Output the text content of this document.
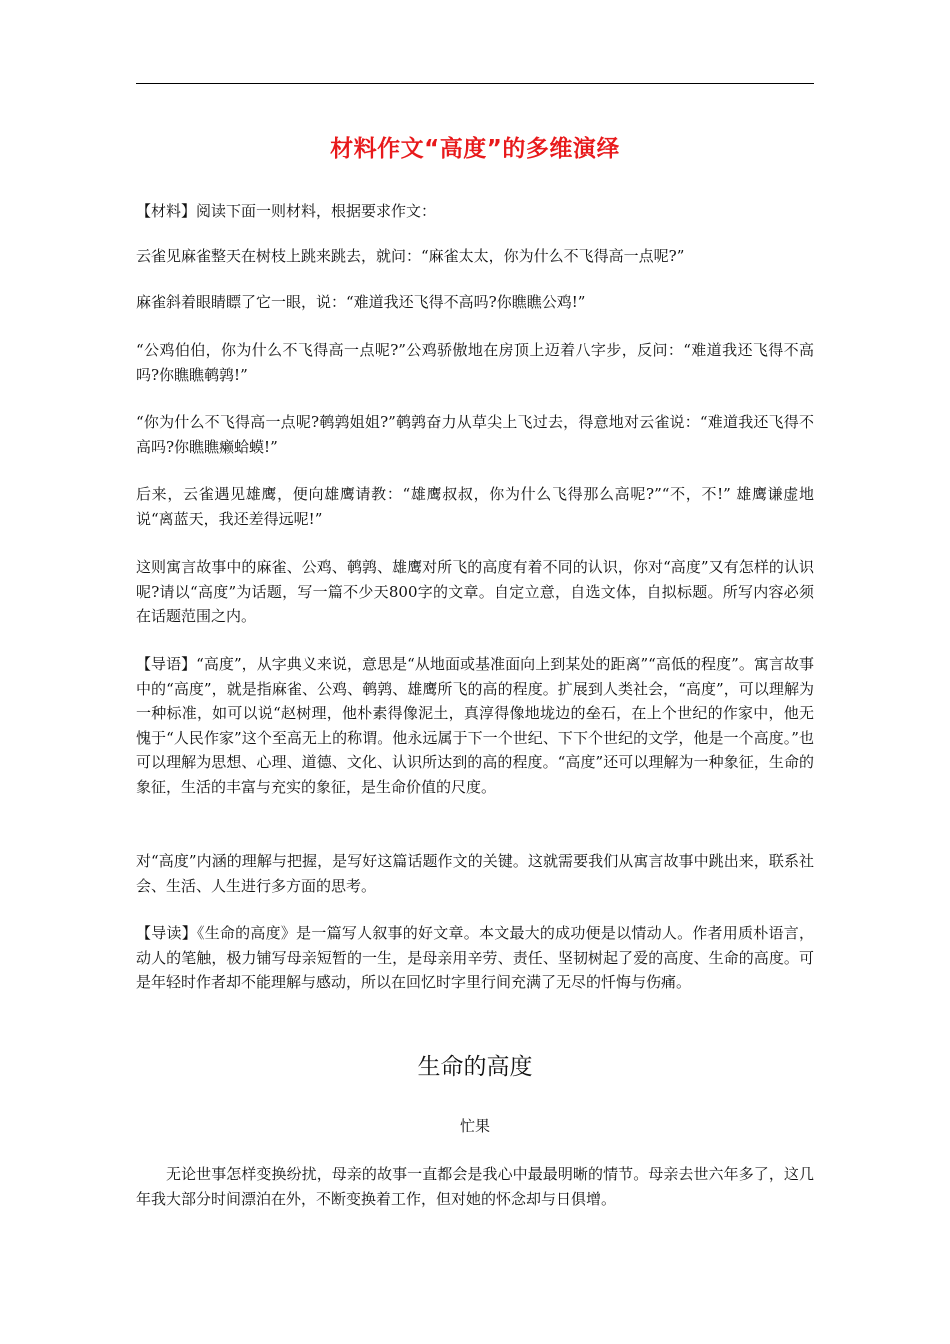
材料作文“高度”的多维演绎

【材料】阅读下面一则材料，根据要求作文：

云雀见麻雀整天在树枝上跳来跳去，就问：“麻雀太太，你为什么不飞得高一点呢?”

麻雀斜着眼睛瞟了它一眼，说：“难道我还飞得不高吗?你瞧瞧公鸡!”

“公鸡伯伯，你为什么不飞得高一点呢?”公鸡骄傲地在房顶上迈着八字步，反问：“难道我还飞得不高吗?你瞧瞧鹌鹑!”

“你为什么不飞得高一点呢?鹌鹑姐姐?”鹌鹑奋力从草尖上飞过去，得意地对云雀说：“难道我还飞得不高吗?你瞧瞧癞蛤蟆!”

后来，云雀遇见雄鹰，便向雄鹰请教：“雄鹰叔叔，你为什么飞得那么高呢?”“不，不!” 雄鹰谦虚地说“离蓝天，我还差得远呢!”

这则寓言故事中的麻雀、公鸡、鹌鹑、雄鹰对所飞的高度有着不同的认识，你对“高度”又有怎样的认识呢?请以“高度”为话题，写一篇不少天800字的文章。自定立意，自选文体，自拟标题。所写内容必须在话题范围之内。

【导语】“高度”，从字典义来说，意思是“从地面或基准面向上到某处的距离”“高低的程度”。寓言故事中的“高度”，就是指麻雀、公鸡、鹌鹑、雄鹰所飞的高的程度。扩展到人类社会，“高度”，可以理解为一种标准，如可以说“赵树理，他朴素得像泥土，真淳得像地垅边的垒石，在上个世纪的作家中，他无愧于“人民作家”这个至高无上的称谓。他永远属于下一个世纪、下下个世纪的文学，他是一个高度。”也可以理解为思想、心理、道德、文化、认识所达到的高的程度。“高度”还可以理解为一种象征，生命的象征，生活的丰富与充实的象征，是生命价值的尺度。

对“高度”内涵的理解与把握，是写好这篇话题作文的关键。这就需要我们从寓言故事中跳出来，联系社会、生活、人生进行多方面的思考。

【导读】《生命的高度》是一篇写人叙事的好文章。本文最大的成功便是以情动人。作者用质朴语言，动人的笔触，极力铺写母亲短暂的一生，是母亲用辛劳、责任、坚韧树起了爱的高度、生命的高度。可是年轻时作者却不能理解与感动，所以在回忆时字里行间充满了无尽的忏悔与伤痛。

生命的高度
忙果

无论世事怎样变换纷扰，母亲的故事一直都会是我心中最最明晰的情节。母亲去世六年多了，这几年我大部分时间漂泊在外，不断变换着工作，但对她的怀念却与日俱增。
